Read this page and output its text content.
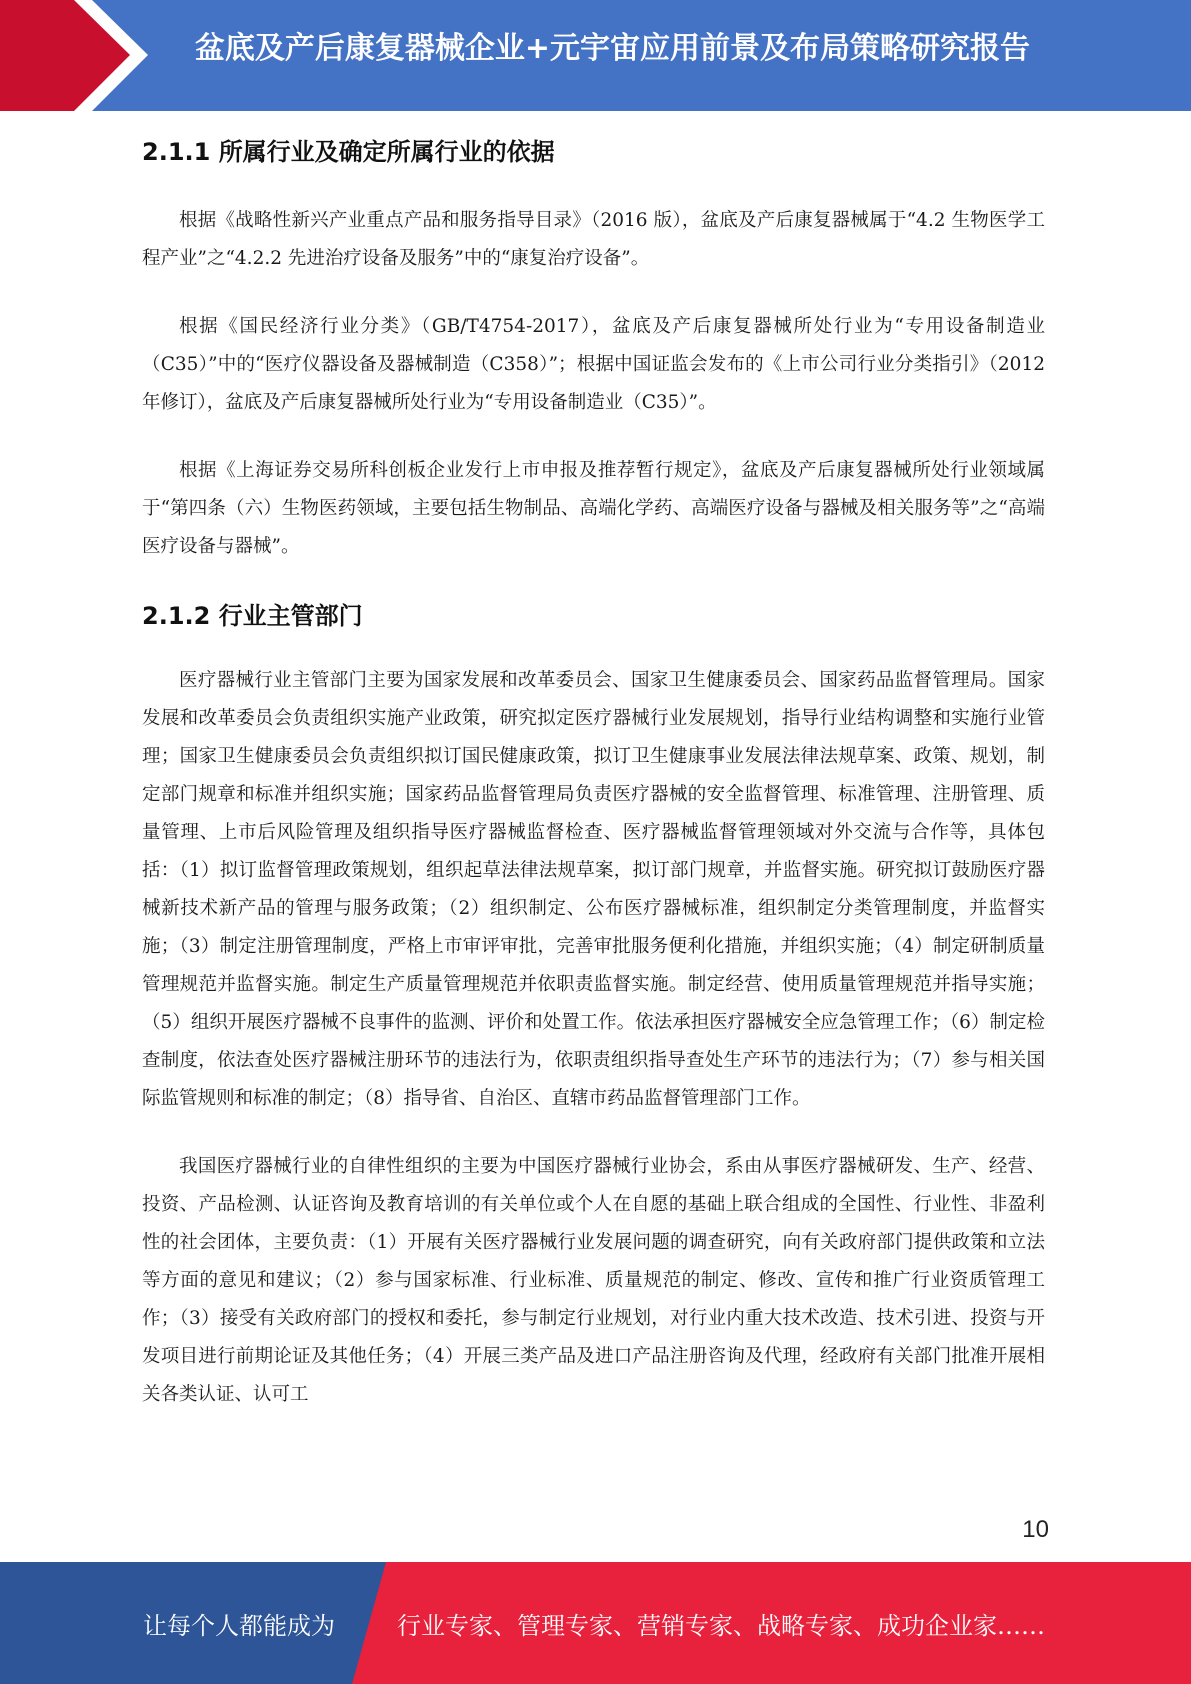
盆底及产后康复器械企业+元宇宙应用前景及布局策略研究报告
2.1.1 所属行业及确定所属行业的依据

根据《战略性新兴产业重点产品和服务指导目录》（2016 版），盆底及产后康复器械属于“4.2 生物医学工程产业”之“4.2.2 先进治疗设备及服务”中的“康复治疗设备”。

根据《国民经济行业分类》（GB/T4754-2017），盆底及产后康复器械所处行业为“专用设备制造业（C35）”中的“医疗仪器设备及器械制造（C358）”；根据中国证监会发布的《上市公司行业分类指引》（2012 年修订），盆底及产后康复器械所处行业为“专用设备制造业（C35）”。

根据《上海证券交易所科创板企业发行上市申报及推荐暂行规定》，盆底及产后康复器械所处行业领域属于“第四条（六）生物医药领域，主要包括生物制品、高端化学药、高端医疗设备与器械及相关服务等”之“高端医疗设备与器械”。

2.1.2 行业主管部门

医疗器械行业主管部门主要为国家发展和改革委员会、国家卫生健康委员会、国家药品监督管理局。国家发展和改革委员会负责组织实施产业政策，研究拟定医疗器械行业发展规划，指导行业结构调整和实施行业管理；国家卫生健康委员会负责组织拟订国民健康政策，拟订卫生健康事业发展法律法规草案、政策、规划，制定部门规章和标准并组织实施；国家药品监督管理局负责医疗器械的安全监督管理、标准管理、注册管理、质量管理、上市后风险管理及组织指导医疗器械监督检查、医疗器械监督管理领域对外交流与合作等，具体包括：（1）拟订监督管理政策规划，组织起草法律法规草案，拟订部门规章，并监督实施。研究拟订鼓励医疗器械新技术新产品的管理与服务政策；（2）组织制定、公布医疗器械标准，组织制定分类管理制度，并监督实施；（3）制定注册管理制度，严格上市审评审批，完善审批服务便利化措施，并组织实施；（4）制定研制质量管理规范并监督实施。制定生产质量管理规范并依职责监督实施。制定经营、使用质量管理规范并指导实施；（5）组织开展医疗器械不良事件的监测、评价和处置工作。依法承担医疗器械安全应急管理工作；（6）制定检查制度，依法查处医疗器械注册环节的违法行为，依职责组织指导查处生产环节的违法行为；（7）参与相关国际监管规则和标准的制定；（8）指导省、自治区、直辖市药品监督管理部门工作。

我国医疗器械行业的自律性组织的主要为中国医疗器械行业协会，系由从事医疗器械研发、生产、经营、投资、产品检测、认证咨询及教育培训的有关单位或个人在自愿的基础上联合组成的全国性、行业性、非盈利性的社会团体，主要负责：（1）开展有关医疗器械行业发展问题的调查研究，向有关政府部门提供政策和立法等方面的意见和建议；（2）参与国家标准、行业标准、质量规范的制定、修改、宣传和推广行业资质管理工作；（3）接受有关政府部门的授权和委托，参与制定行业规划，对行业内重大技术改造、技术引进、投资与开发项目进行前期论证及其他任务；（4）开展三类产品及进口产品注册咨询及代理，经政府有关部门批准开展相关各类认证、认可工

10
让每个人都能成为	行业专家、管理专家、营销专家、战略专家、成功企业家……
